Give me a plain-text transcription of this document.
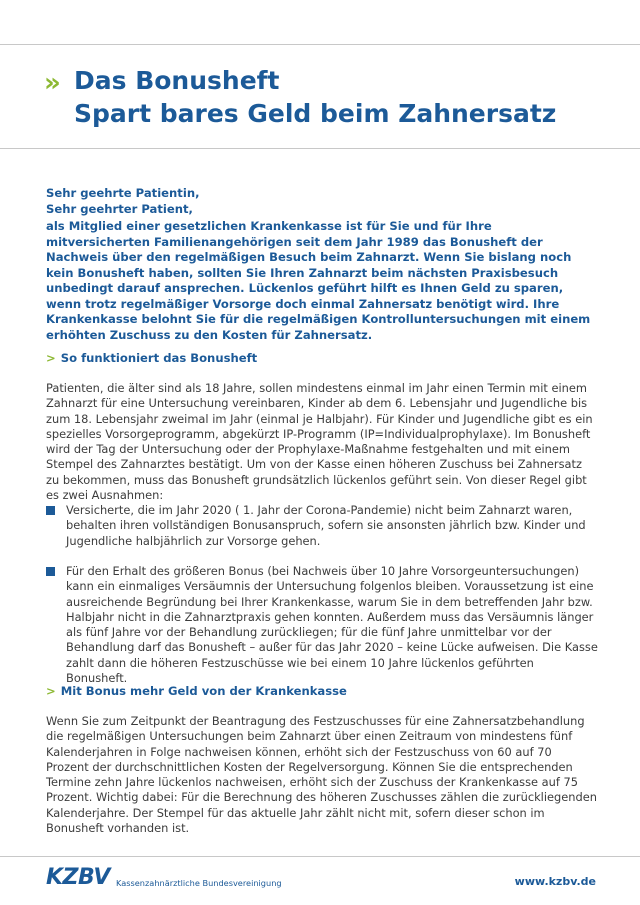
» Das Bonusheft
Spart bares Geld beim Zahnersatz
Sehr geehrte Patientin,
Sehr geehrter Patient,
als Mitglied einer gesetzlichen Krankenkasse ist für Sie und für Ihre mitversicherten Familienangehörigen seit dem Jahr 1989 das Bonusheft der Nachweis über den regelmäßigen Besuch beim Zahnarzt. Wenn Sie bislang noch kein Bonusheft haben, sollten Sie Ihren Zahnarzt beim nächsten Praxisbesuch unbedingt darauf ansprechen. Lückenlos geführt hilft es Ihnen Geld zu sparen, wenn trotz regelmäßiger Vorsorge doch einmal Zahnersatz benötigt wird. Ihre Krankenkasse belohnt Sie für die regelmäßigen Kontrolluntersuchungen mit einem erhöhten Zuschuss zu den Kosten für Zahnersatz.
> So funktioniert das Bonusheft
Patienten, die älter sind als 18 Jahre, sollen mindestens einmal im Jahr einen Termin mit einem Zahnarzt für eine Untersuchung vereinbaren, Kinder ab dem 6. Lebensjahr und Jugendliche bis zum 18. Lebensjahr zweimal im Jahr (einmal je Halbjahr). Für Kinder und Jugendliche gibt es ein spezielles Vorsorgeprogramm, abgekürzt IP-Programm (IP=Individualprophylaxe). Im Bonusheft wird der Tag der Untersuchung oder der Prophylaxe-Maßnahme festgehalten und mit einem Stempel des Zahnarztes bestätigt. Um von der Kasse einen höheren Zuschuss bei Zahnersatz zu bekommen, muss das Bonusheft grundsätzlich lückenlos geführt sein. Von dieser Regel gibt es zwei Ausnahmen:
Versicherte, die im Jahr 2020 ( 1. Jahr der Corona-Pandemie) nicht beim Zahnarzt waren, behalten ihren vollständigen Bonusanspruch, sofern sie ansonsten jährlich bzw. Kinder und Jugendliche halbjährlich zur Vorsorge gehen.
Für den Erhalt des größeren Bonus (bei Nachweis über 10 Jahre Vorsorgeuntersuchungen) kann ein einmaliges Versäumnis der Untersuchung folgenlos bleiben. Voraussetzung ist eine ausreichende Begründung bei Ihrer Krankenkasse, warum Sie in dem betreffenden Jahr bzw. Halbjahr nicht in die Zahnarztpraxis gehen konnten. Außerdem muss das Versäumnis länger als fünf Jahre vor der Behandlung zurückliegen; für die fünf Jahre unmittelbar vor der Behandlung darf das Bonusheft – außer für das Jahr 2020 – keine Lücke aufweisen. Die Kasse zahlt dann die höheren Festzuschüsse wie bei einem 10 Jahre lückenlos geführten Bonusheft.
> Mit Bonus mehr Geld von der Krankenkasse
Wenn Sie zum Zeitpunkt der Beantragung des Festzuschusses für eine Zahnersatzbehandlung die regelmäßigen Untersuchungen beim Zahnarzt über einen Zeitraum von mindestens fünf Kalenderjahren in Folge nachweisen können, erhöht sich der Festzuschuss von 60 auf 70 Prozent der durchschnittlichen Kosten der Regelversorgung. Können Sie die entsprechenden Termine zehn Jahre lückenlos nachweisen, erhöht sich der Zuschuss der Krankenkasse auf 75 Prozent. Wichtig dabei: Für die Berechnung des höheren Zuschusses zählen die zurückliegenden Kalenderjahre. Der Stempel für das aktuelle Jahr zählt nicht mit, sofern dieser schon im Bonusheft vorhanden ist.
KZBV Kassenzahnärztliche Bundesvereinigung	www.kzbv.de
